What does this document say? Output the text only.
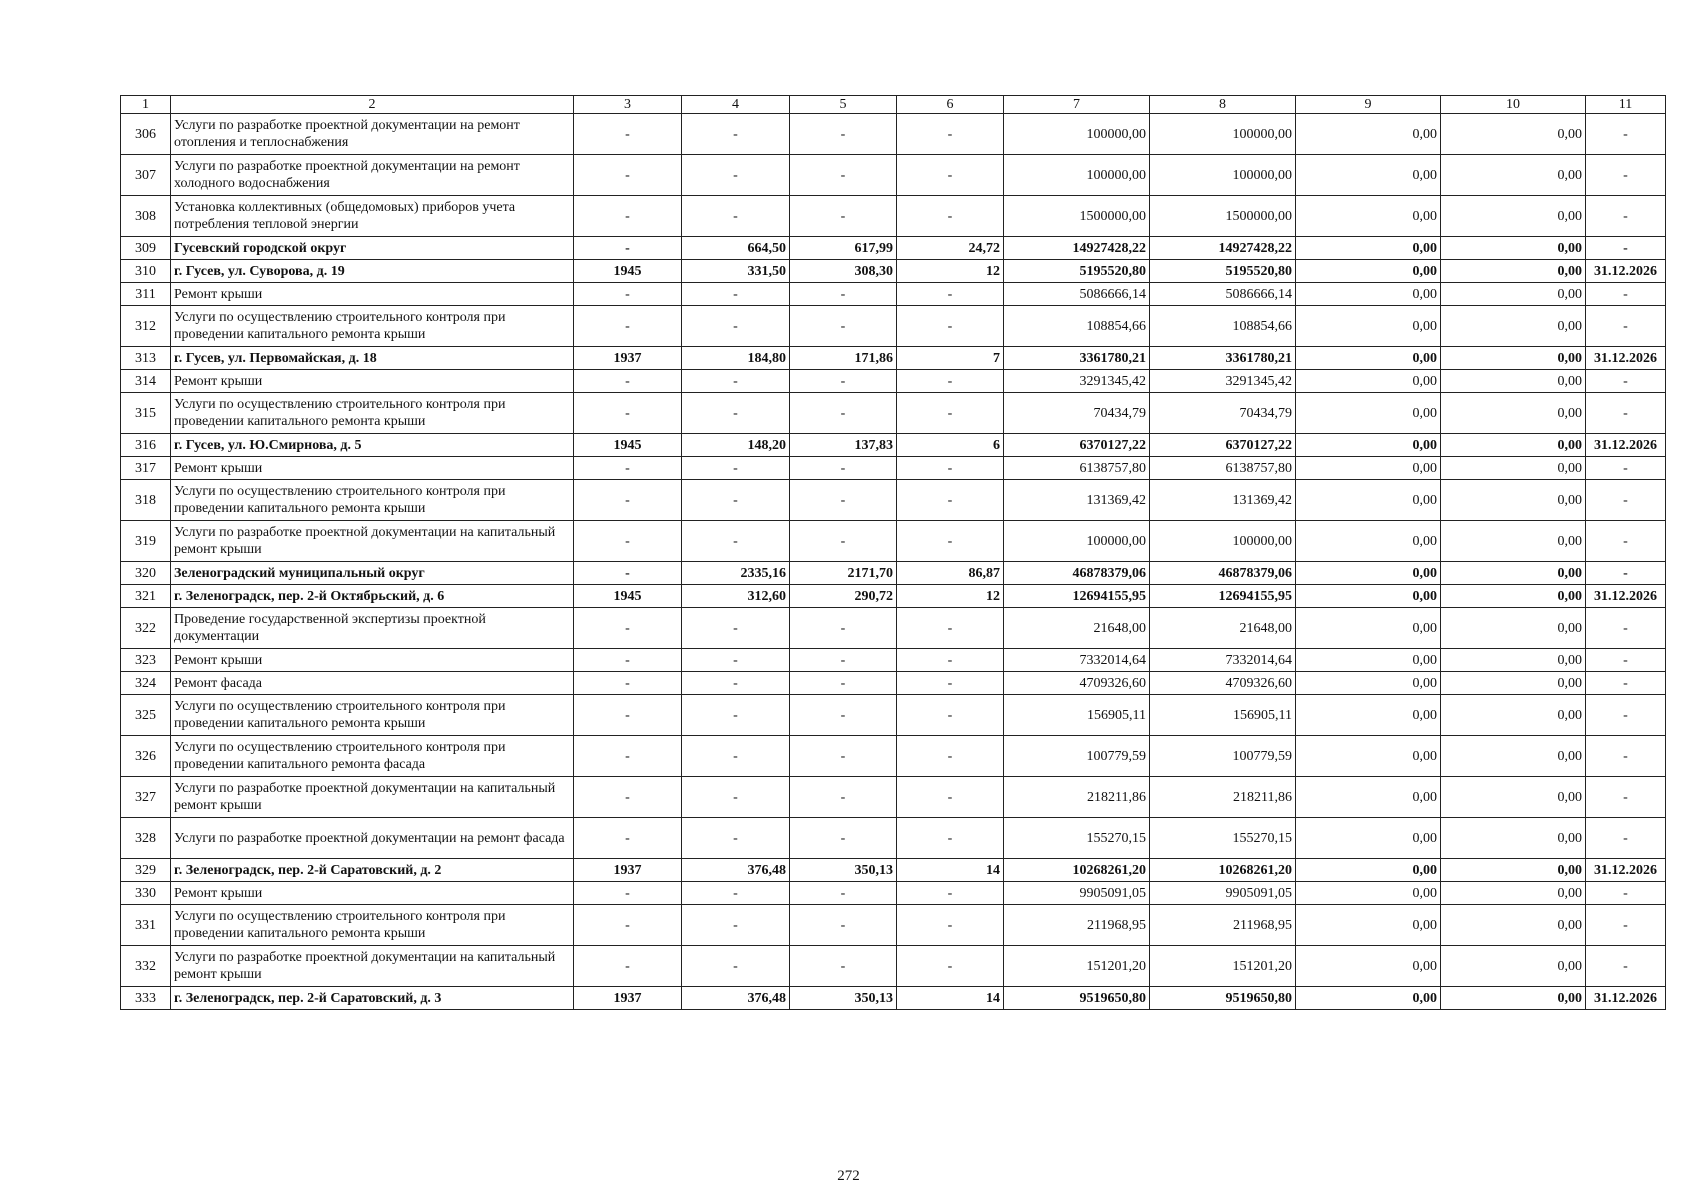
1	2	3	4	5	6	7	8	9	10	11
306	Услуги по разработке проектной документации на ремонт отопления и теплоснабжения	-	-	-	-	100000,00	100000,00	0,00	0,00	-
307	Услуги по разработке проектной документации на ремонт холодного водоснабжения	-	-	-	-	100000,00	100000,00	0,00	0,00	-
308	Установка коллективных (общедомовых) приборов учета потребления тепловой энергии	-	-	-	-	1500000,00	1500000,00	0,00	0,00	-
309	Гусевский городской округ	-	664,50	617,99	24,72	14927428,22	14927428,22	0,00	0,00	-
310	г. Гусев, ул. Суворова, д. 19	1945	331,50	308,30	12	5195520,80	5195520,80	0,00	0,00	31.12.2026
311	Ремонт крыши	-	-	-	-	5086666,14	5086666,14	0,00	0,00	-
312	Услуги по осуществлению строительного контроля при проведении капитального ремонта крыши	-	-	-	-	108854,66	108854,66	0,00	0,00	-
313	г. Гусев, ул. Первомайская, д. 18	1937	184,80	171,86	7	3361780,21	3361780,21	0,00	0,00	31.12.2026
314	Ремонт крыши	-	-	-	-	3291345,42	3291345,42	0,00	0,00	-
315	Услуги по осуществлению строительного контроля при проведении капитального ремонта крыши	-	-	-	-	70434,79	70434,79	0,00	0,00	-
316	г. Гусев, ул. Ю.Смирнова, д. 5	1945	148,20	137,83	6	6370127,22	6370127,22	0,00	0,00	31.12.2026
317	Ремонт крыши	-	-	-	-	6138757,80	6138757,80	0,00	0,00	-
318	Услуги по осуществлению строительного контроля при проведении капитального ремонта крыши	-	-	-	-	131369,42	131369,42	0,00	0,00	-
319	Услуги по разработке проектной документации на капитальный ремонт крыши	-	-	-	-	100000,00	100000,00	0,00	0,00	-
320	Зеленоградский муниципальный округ	-	2335,16	2171,70	86,87	46878379,06	46878379,06	0,00	0,00	-
321	г. Зеленоградск, пер. 2-й Октябрьский, д. 6	1945	312,60	290,72	12	12694155,95	12694155,95	0,00	0,00	31.12.2026
322	Проведение государственной экспертизы проектной документации	-	-	-	-	21648,00	21648,00	0,00	0,00	-
323	Ремонт крыши	-	-	-	-	7332014,64	7332014,64	0,00	0,00	-
324	Ремонт фасада	-	-	-	-	4709326,60	4709326,60	0,00	0,00	-
325	Услуги по осуществлению строительного контроля при проведении капитального ремонта крыши	-	-	-	-	156905,11	156905,11	0,00	0,00	-
326	Услуги по осуществлению строительного контроля при проведении капитального ремонта фасада	-	-	-	-	100779,59	100779,59	0,00	0,00	-
327	Услуги по разработке проектной документации на капитальный ремонт крыши	-	-	-	-	218211,86	218211,86	0,00	0,00	-
328	Услуги по разработке проектной документации на ремонт фасада	-	-	-	-	155270,15	155270,15	0,00	0,00	-
329	г. Зеленоградск, пер. 2-й Саратовский, д. 2	1937	376,48	350,13	14	10268261,20	10268261,20	0,00	0,00	31.12.2026
330	Ремонт крыши	-	-	-	-	9905091,05	9905091,05	0,00	0,00	-
331	Услуги по осуществлению строительного контроля при проведении капитального ремонта крыши	-	-	-	-	211968,95	211968,95	0,00	0,00	-
332	Услуги по разработке проектной документации на капитальный ремонт крыши	-	-	-	-	151201,20	151201,20	0,00	0,00	-
333	г. Зеленоградск, пер. 2-й Саратовский, д. 3	1937	376,48	350,13	14	9519650,80	9519650,80	0,00	0,00	31.12.2026
272
